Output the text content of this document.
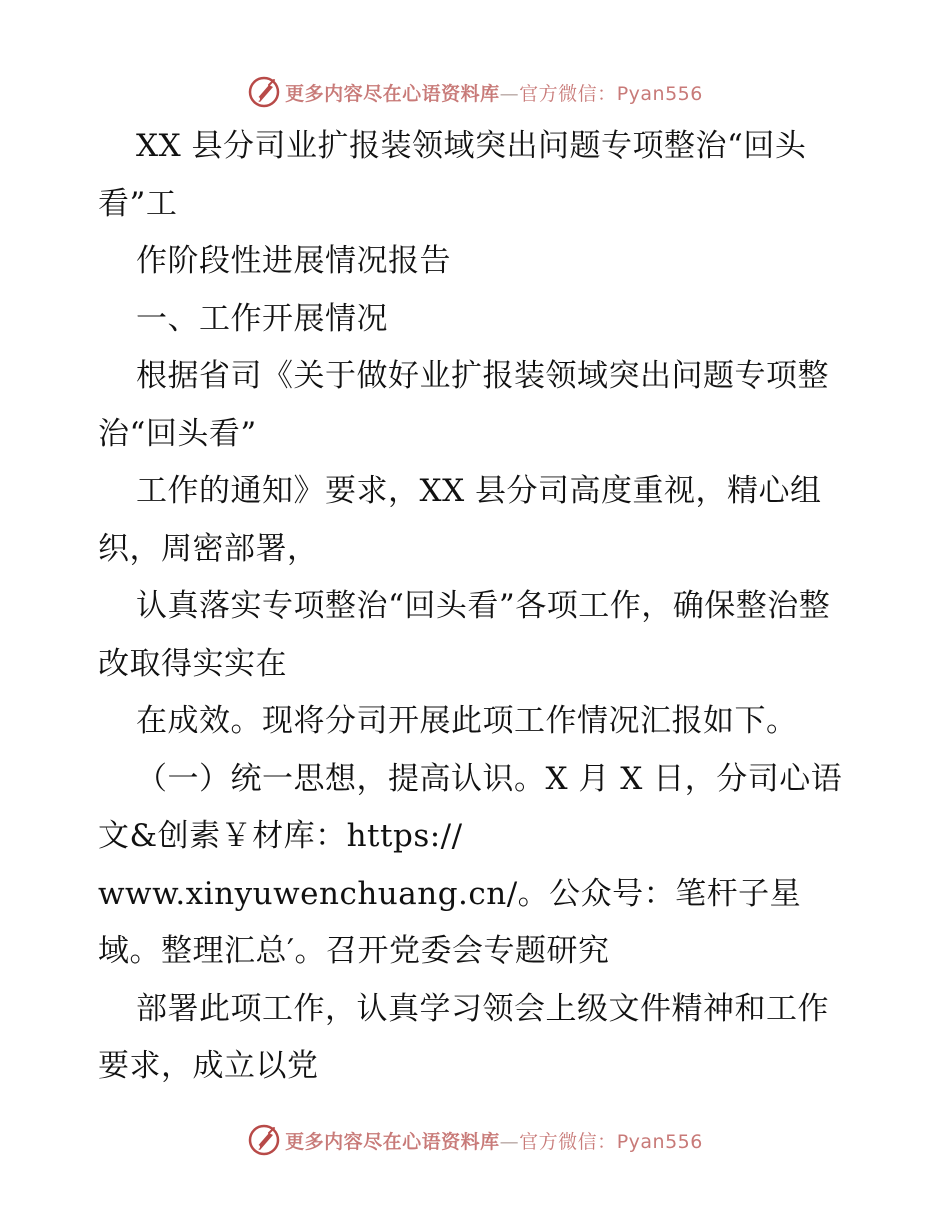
更多内容尽在心语资料库—官方微信：Pyan556

XX 县分司业扩报装领域突出问题专项整治“回头看”工

作阶段性进展情况报告

一、工作开展情况

根据省司《关于做好业扩报装领域突出问题专项整治“回头看”

工作的通知》要求，XX 县分司高度重视，精心组织，周密部署，

认真落实专项整治“回头看”各项工作，确保整治整改取得实实在

在成效。现将分司开展此项工作情况汇报如下。

（一）统一思想，提高认识。X 月 X 日，分司心语文&创素￥材库：https://

www.xinyuwenchuang.cn/。公众号：笔杆子星域。整理汇总′。召开党委会专题研究

部署此项工作，认真学习领会上级文件精神和工作要求，成立以党

更多内容尽在心语资料库—官方微信：Pyan556
